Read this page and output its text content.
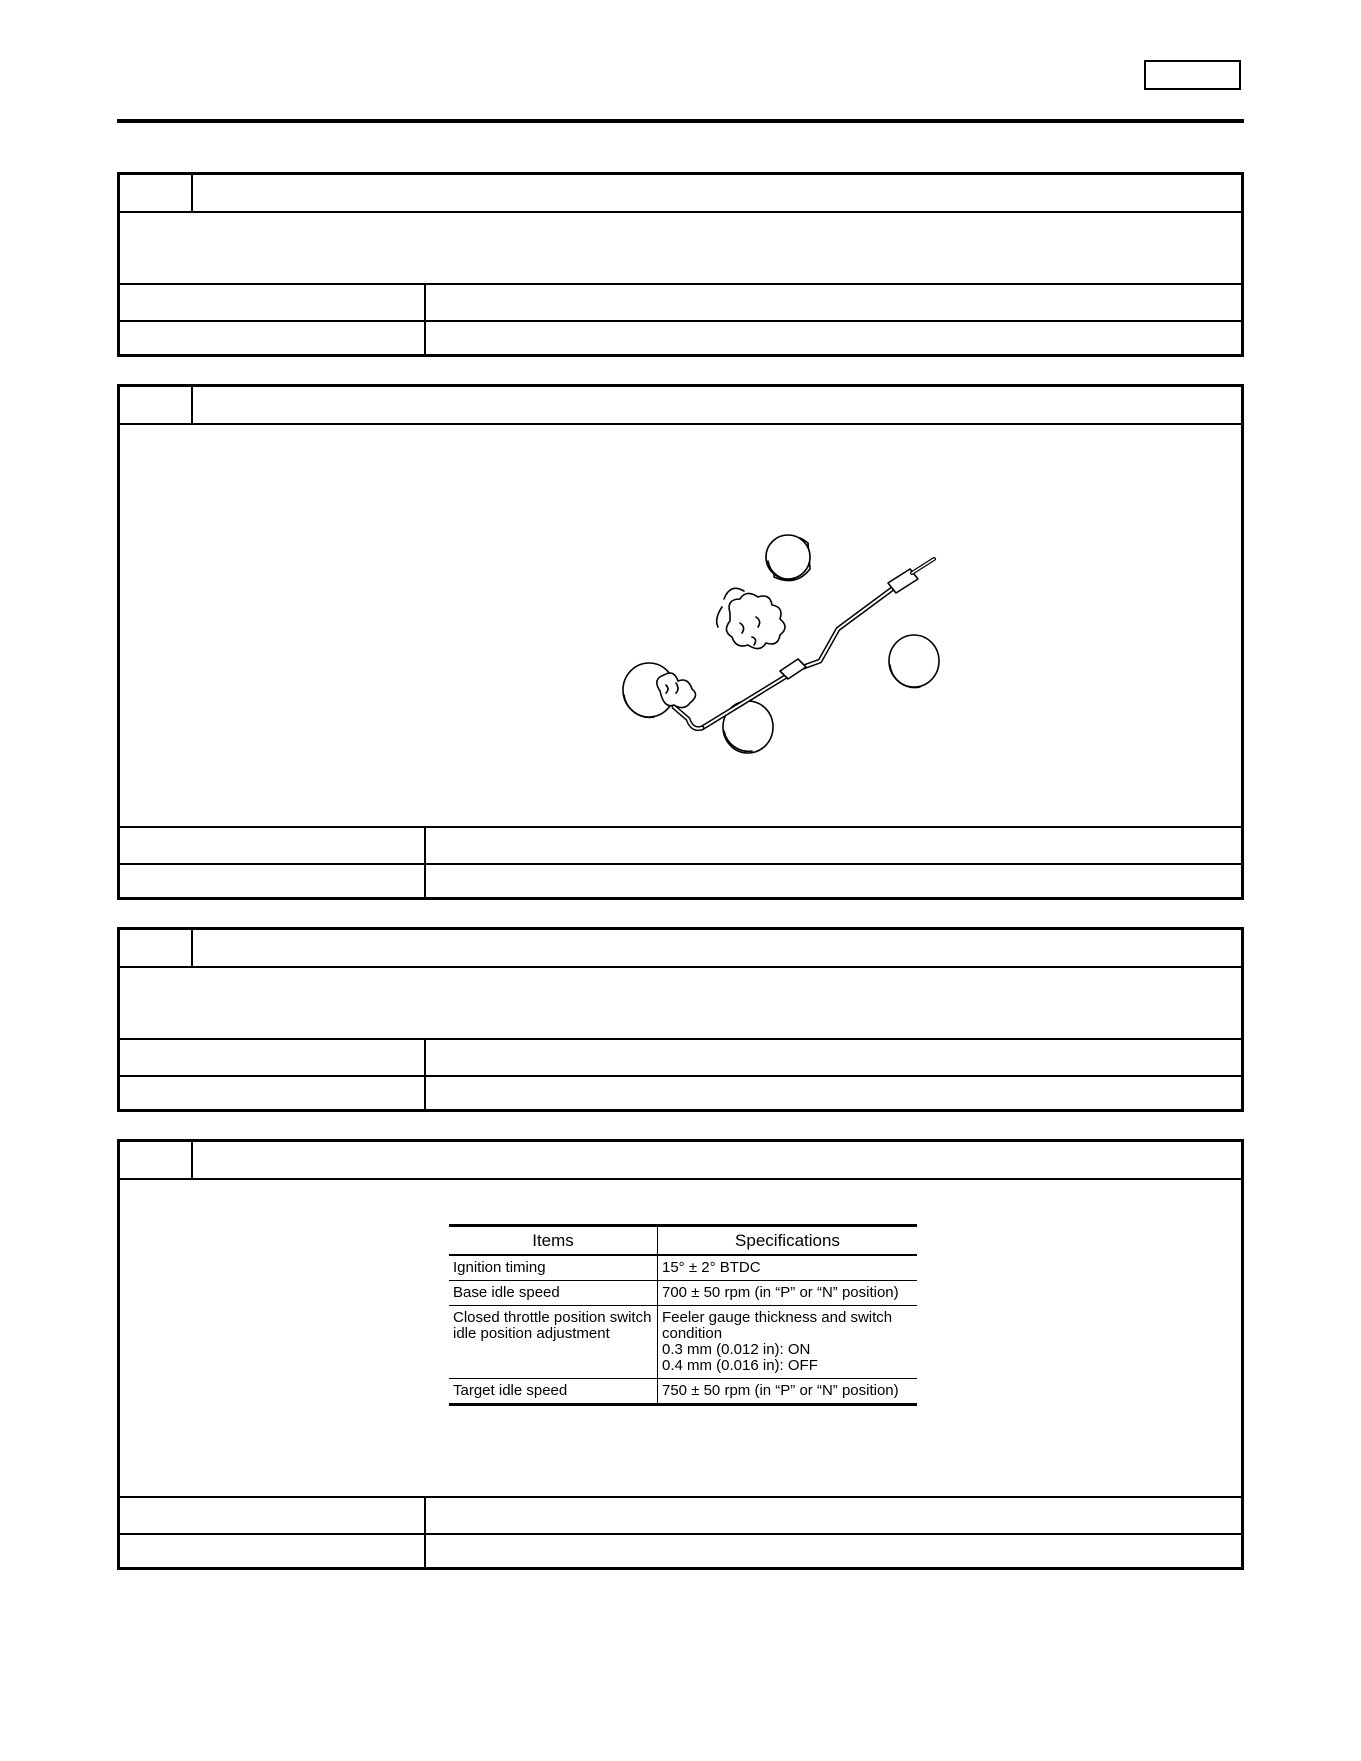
Items	Specifications
Ignition timing	15° ± 2° BTDC
Base idle speed	700 ± 50 rpm (in “P” or “N” position)
Closed throttle position switch
idle position adjustment	Feeler gauge thickness and switch
condition
0.3 mm (0.012 in): ON
0.4 mm (0.016 in): OFF
Target idle speed	750 ± 50 rpm (in “P” or “N” position)
